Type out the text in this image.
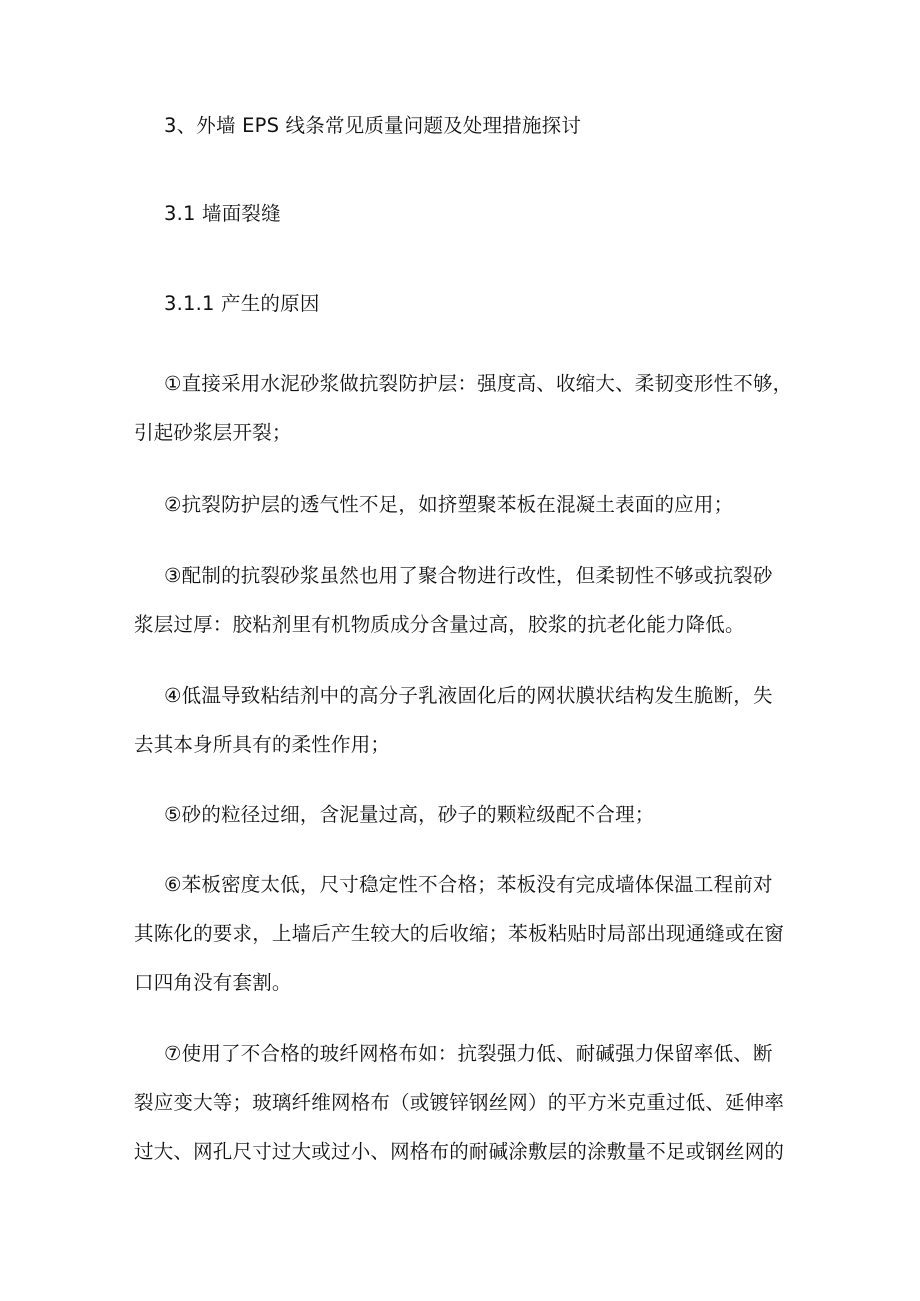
3、外墙 EPS 线条常见质量问题及处理措施探讨
3.1 墙面裂缝
3.1.1 产生的原因
①直接采用水泥砂浆做抗裂防护层：强度高、收缩大、柔韧变形性不够，
引起砂浆层开裂；
②抗裂防护层的透气性不足，如挤塑聚苯板在混凝土表面的应用；
③配制的抗裂砂浆虽然也用了聚合物进行改性，但柔韧性不够或抗裂砂
浆层过厚：胶粘剂里有机物质成分含量过高，胶浆的抗老化能力降低。
④低温导致粘结剂中的高分子乳液固化后的网状膜状结构发生脆断，失
去其本身所具有的柔性作用；
⑤砂的粒径过细，含泥量过高，砂子的颗粒级配不合理；
⑥苯板密度太低，尺寸稳定性不合格；苯板没有完成墙体保温工程前对
其陈化的要求，上墙后产生较大的后收缩；苯板粘贴时局部出现通缝或在窗
口四角没有套割。
⑦使用了不合格的玻纤网格布如：抗裂强力低、耐碱强力保留率低、断
裂应变大等；玻璃纤维网格布（或镀锌钢丝网）的平方米克重过低、延伸率
过大、网孔尺寸过大或过小、网格布的耐碱涂敷层的涂敷量不足或钢丝网的
